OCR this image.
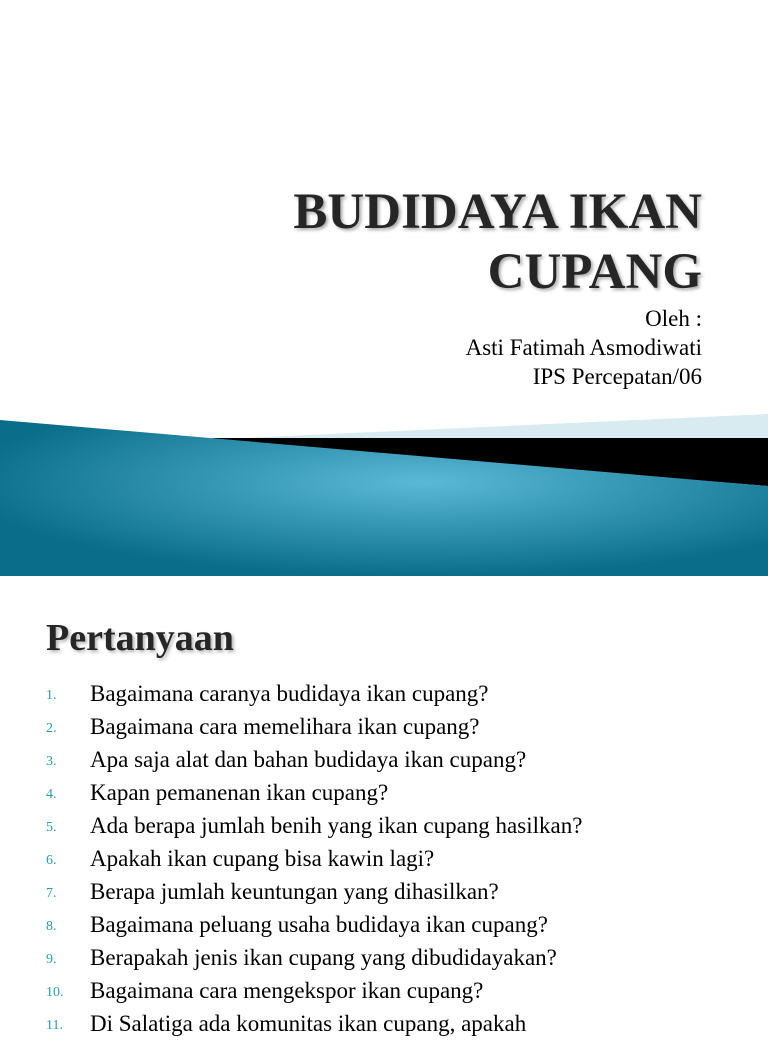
BUDIDAYA IKAN
CUPANG
Oleh :
Asti Fatimah Asmodiwati
IPS Percepatan/06
Pertanyaan
1. Bagaimana caranya budidaya ikan cupang?
2. Bagaimana cara memelihara ikan cupang?
3. Apa saja alat dan bahan budidaya ikan cupang?
4. Kapan pemanenan ikan cupang?
5. Ada berapa jumlah benih yang ikan cupang hasilkan?
6. Apakah ikan cupang bisa kawin lagi?
7. Berapa jumlah keuntungan yang dihasilkan?
8. Bagaimana peluang usaha budidaya ikan cupang?
9. Berapakah jenis ikan cupang yang dibudidayakan?
10. Bagaimana cara mengekspor ikan cupang?
11. Di Salatiga ada komunitas ikan cupang, apakah
